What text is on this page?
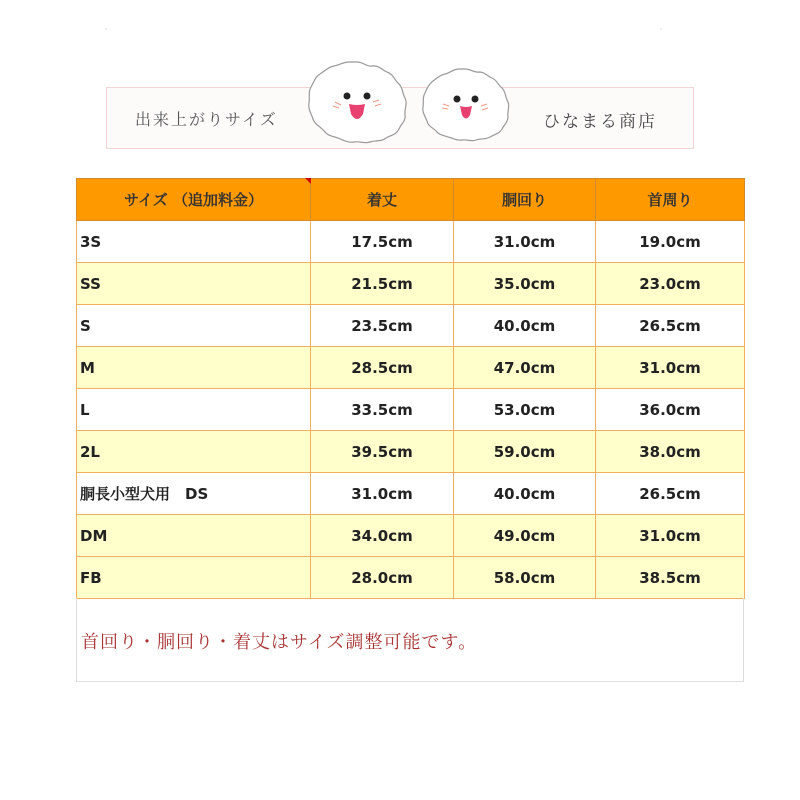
出来上がりサイズ	ひなまる商店
サイズ （追加料金）	着丈	胴回り	首周り
3S	17.5cm	31.0cm	19.0cm
SS	21.5cm	35.0cm	23.0cm
S	23.5cm	40.0cm	26.5cm
M	28.5cm	47.0cm	31.0cm
L	33.5cm	53.0cm	36.0cm
2L	39.5cm	59.0cm	38.0cm
胴長小型犬用　DS	31.0cm	40.0cm	26.5cm
DM	34.0cm	49.0cm	31.0cm
FB	28.0cm	58.0cm	38.5cm
首回り・胴回り・着丈はサイズ調整可能です。
